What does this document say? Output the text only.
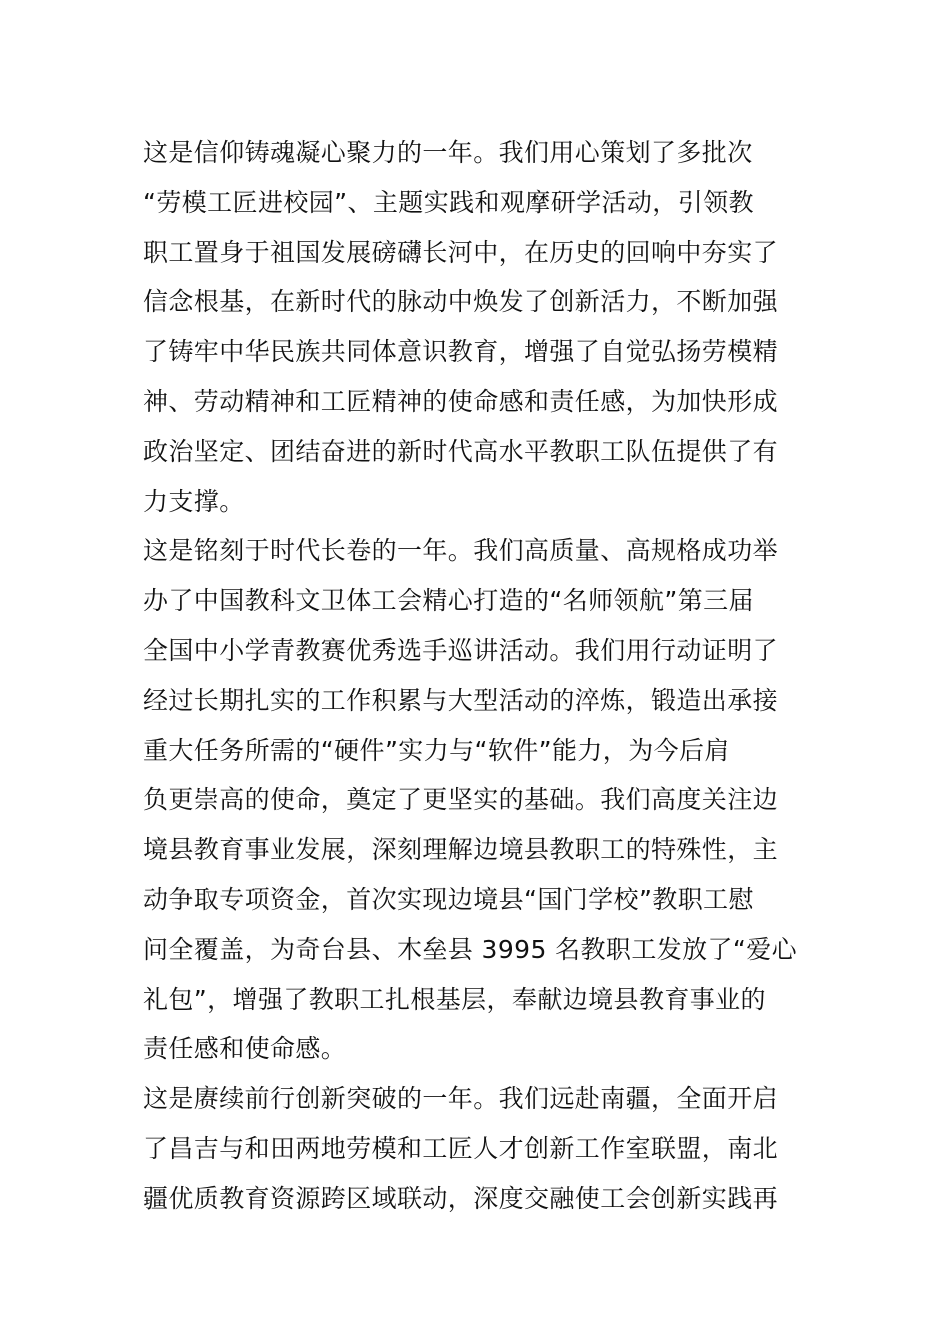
这是信仰铸魂凝心聚力的一年。我们用心策划了多批次
“劳模工匠进校园”、主题实践和观摩研学活动，引领教
职工置身于祖国发展磅礴长河中，在历史的回响中夯实了
信念根基，在新时代的脉动中焕发了创新活力，不断加强
了铸牢中华民族共同体意识教育，增强了自觉弘扬劳模精
神、劳动精神和工匠精神的使命感和责任感，为加快形成
政治坚定、团结奋进的新时代高水平教职工队伍提供了有
力支撑。
这是铭刻于时代长卷的一年。我们高质量、高规格成功举
办了中国教科文卫体工会精心打造的“名师领航”第三届
全国中小学青教赛优秀选手巡讲活动。我们用行动证明了
经过长期扎实的工作积累与大型活动的淬炼，锻造出承接
重大任务所需的“硬件”实力与“软件”能力，为今后肩
负更崇高的使命，奠定了更坚实的基础。我们高度关注边
境县教育事业发展，深刻理解边境县教职工的特殊性，主
动争取专项资金，首次实现边境县“国门学校”教职工慰
问全覆盖，为奇台县、木垒县 3995 名教职工发放了“爱心
礼包”，增强了教职工扎根基层，奉献边境县教育事业的
责任感和使命感。
这是赓续前行创新突破的一年。我们远赴南疆，全面开启
了昌吉与和田两地劳模和工匠人才创新工作室联盟，南北
疆优质教育资源跨区域联动，深度交融使工会创新实践再
